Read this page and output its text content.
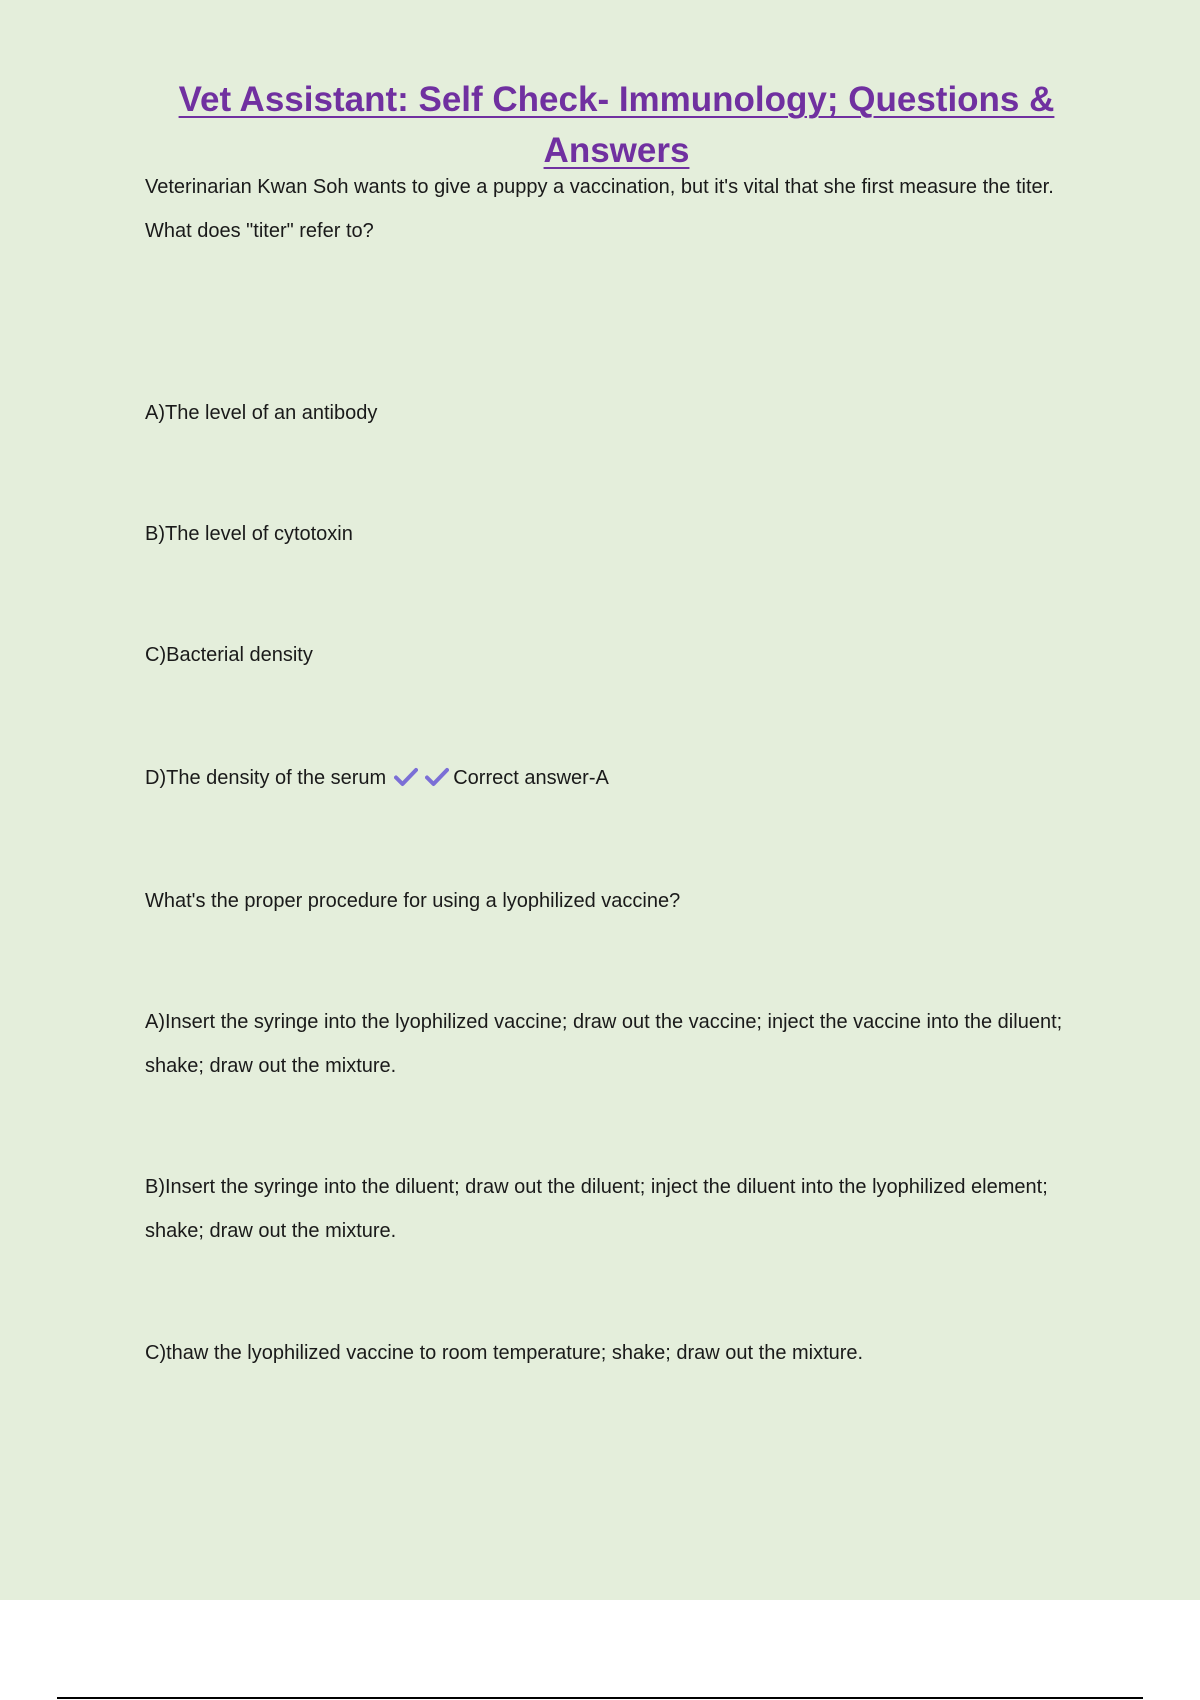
Vet Assistant: Self Check- Immunology; Questions & Answers

Veterinarian Kwan Soh wants to give a puppy a vaccination, but it's vital that she first measure the titer. What does "titer" refer to?

A)The level of an antibody

B)The level of cytotoxin

C)Bacterial density

D)The density of the serum	Correct answer-A

What's the proper procedure for using a lyophilized vaccine?

A)Insert the syringe into the lyophilized vaccine; draw out the vaccine; inject the vaccine into the diluent; shake; draw out the mixture.

B)Insert the syringe into the diluent; draw out the diluent; inject the diluent into the lyophilized element; shake; draw out the mixture.

C)thaw the lyophilized vaccine to room temperature; shake; draw out the mixture.
